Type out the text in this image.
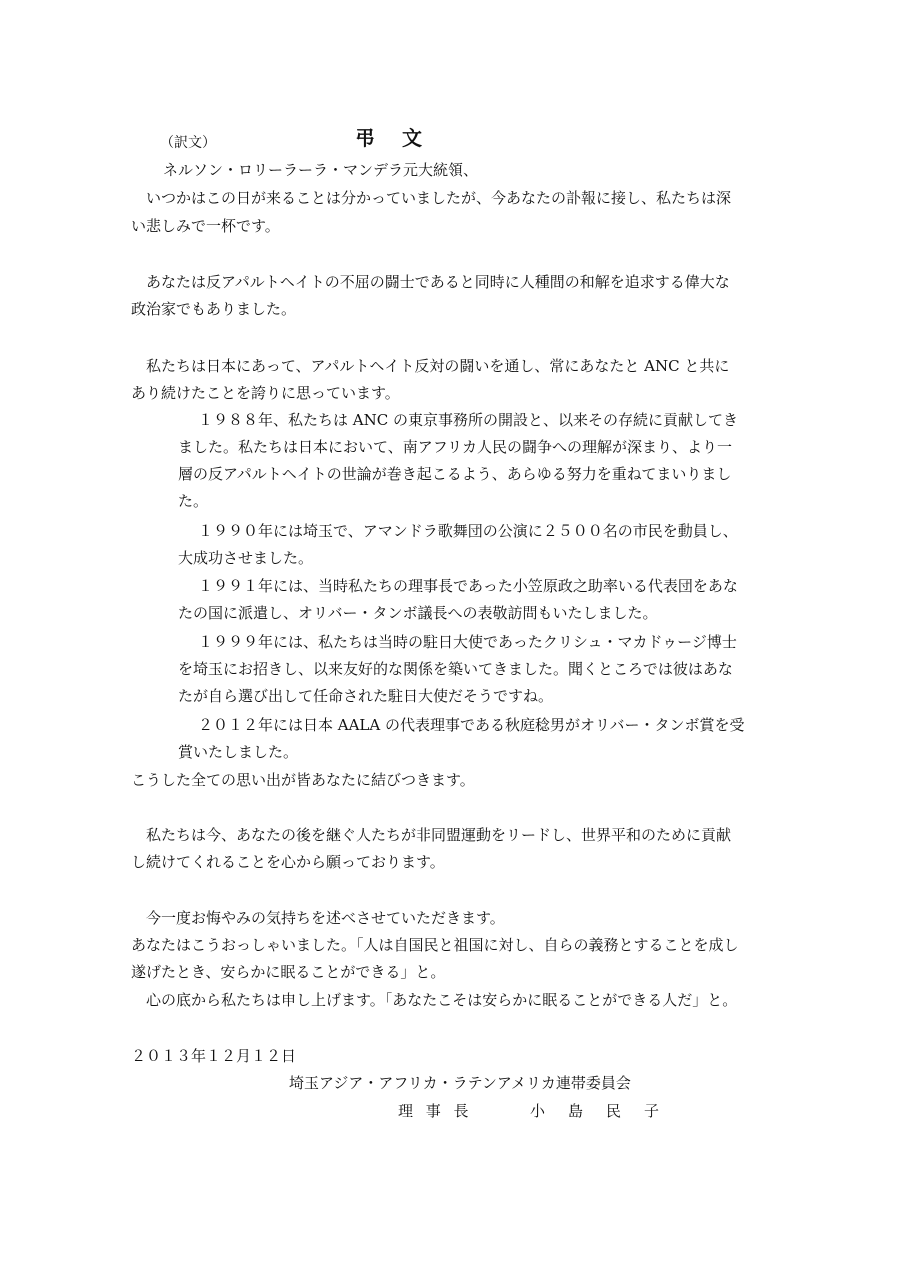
（訳文）	弔 文
ネルソン・ロリーラーラ・マンデラ元大統領、
いつかはこの日が来ることは分かっていましたが、今あなたの訃報に接し、私たちは深
い悲しみで一杯です。
あなたは反アパルトヘイトの不屈の闘士であると同時に人種間の和解を追求する偉大な
政治家でもありました。
私たちは日本にあって、アパルトヘイト反対の闘いを通し、常にあなたと ANC と共に
あり続けたことを誇りに思っています。
１９８８年、私たちは ANC の東京事務所の開設と、以来その存続に貢献してき
ました。私たちは日本において、南アフリカ人民の闘争への理解が深まり、より一
層の反アパルトヘイトの世論が巻き起こるよう、あらゆる努力を重ねてまいりまし
た。
１９９０年には埼玉で、アマンドラ歌舞団の公演に２５００名の市民を動員し、
大成功させました。
１９９１年には、当時私たちの理事長であった小笠原政之助率いる代表団をあな
たの国に派遣し、オリバー・タンボ議長への表敬訪問もいたしました。
１９９９年には、私たちは当時の駐日大使であったクリシュ・マカドゥージ博士
を埼玉にお招きし、以来友好的な関係を築いてきました。聞くところでは彼はあな
たが自ら選び出して任命された駐日大使だそうですね。
２０１２年には日本 AALA の代表理事である秋庭稔男がオリバー・タンボ賞を受
賞いたしました。
こうした全ての思い出が皆あなたに結びつきます。
私たちは今、あなたの後を継ぐ人たちが非同盟運動をリードし、世界平和のために貢献
し続けてくれることを心から願っております。
今一度お悔やみの気持ちを述べさせていただきます。
あなたはこうおっしゃいました。「人は自国民と祖国に対し、自らの義務とすることを成し
遂げたとき、安らかに眠ることができる」と。
心の底から私たちは申し上げます。「あなたこそは安らかに眠ることができる人だ」と。
２０１３年１２月１２日
埼玉アジア・アフリカ・ラテンアメリカ連帯委員会
理 事 長	小　島　民　子
